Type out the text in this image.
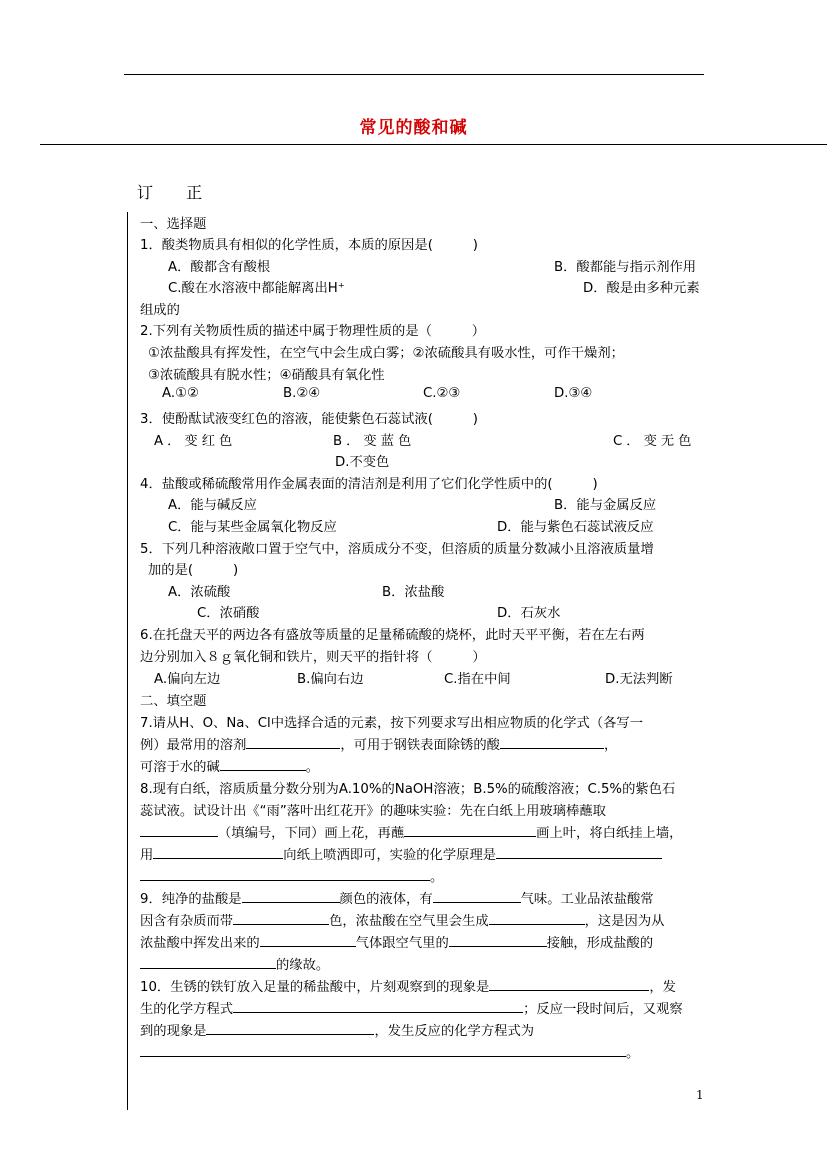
常见的酸和碱
订 正
一、选择题
1．酸类物质具有相似的化学性质，本质的原因是(　　　)
A．酸都含有酸根	B．酸都能与指示剂作用
C.酸在水溶液中都能解离出H⁺	D．酸是由多种元素
组成的
2.下列有关物质性质的描述中属于物理性质的是（　　　）
①浓盐酸具有挥发性，在空气中会生成白雾；②浓硫酸具有吸水性，可作干燥剂；
③浓硫酸具有脱水性；④硝酸具有氧化性
A.①②	B.②④	C.②③	D.③④
3．使酚酞试液变红色的溶液，能使紫色石蕊试液(　　　)
A．变红色	B．变蓝色	C．变无色
D.不变色
4．盐酸或稀硫酸常用作金属表面的清洁剂是利用了它们化学性质中的(　　　)
A．能与碱反应	B．能与金属反应
C．能与某些金属氧化物反应	D．能与紫色石蕊试液反应
5．下列几种溶液敞口置于空气中，溶质成分不变，但溶质的质量分数减小且溶液质量增
加的是(　　　)
A．浓硫酸	B．浓盐酸
C．浓硝酸	D．石灰水
6.在托盘天平的两边各有盛放等质量的足量稀硫酸的烧杯，此时天平平衡，若在左右两
边分别加入８ｇ氧化铜和铁片，则天平的指针将（　　　）
A.偏向左边	B.偏向右边	C.指在中间	D.无法判断
二、填空题
7.请从H、O、Na、Cl中选择合适的元素，按下列要求写出相应物质的化学式（各写一
例）最常用的溶剂	，可用于钢铁表面除锈的酸	，
可溶于水的碱	。
8.现有白纸，溶质质量分数分别为A.10%的NaOH溶液；B.5%的硫酸溶液；C.5%的紫色石
蕊试液。试设计出《“雨”落叶出红花开》的趣味实验：先在白纸上用玻璃棒蘸取
（填编号，下同）画上花，再蘸	画上叶，将白纸挂上墙，
用	向纸上喷洒即可，实验的化学原理是
。
9．纯净的盐酸是	颜色的液体，有	气味。工业品浓盐酸常
因含有杂质而带	色，浓盐酸在空气里会生成	，这是因为从
浓盐酸中挥发出来的	气体跟空气里的	接触，形成盐酸的
的缘故。
10．生锈的铁钉放入足量的稀盐酸中，片刻观察到的现象是	，发
生的化学方程式	；反应一段时间后，又观察
到的现象是	，发生反应的化学方程式为
。
1
